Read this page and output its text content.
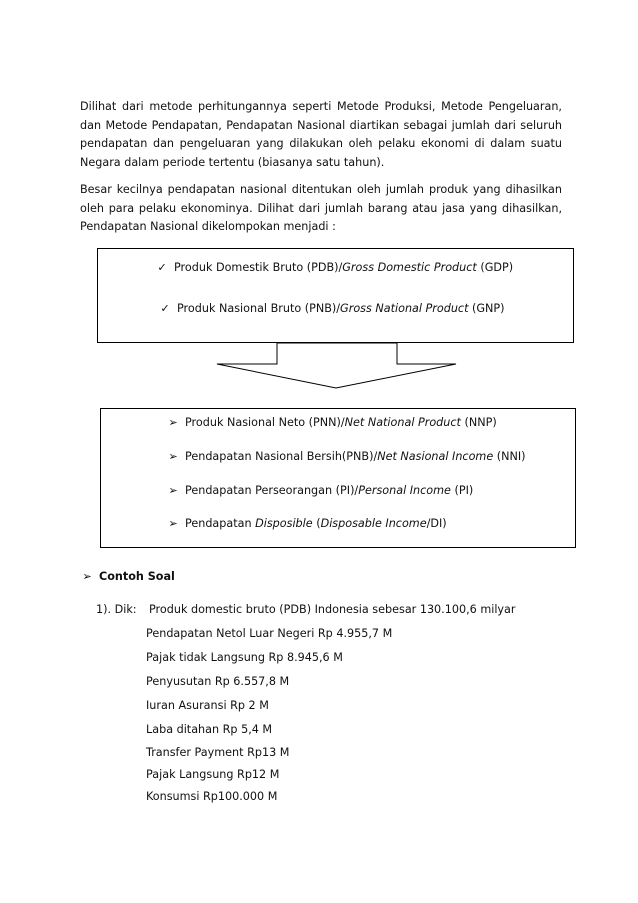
Dilihat dari metode perhitungannya seperti Metode Produksi, Metode Pengeluaran, dan Metode Pendapatan, Pendapatan Nasional diartikan sebagai jumlah dari seluruh pendapatan dan pengeluaran yang dilakukan oleh pelaku ekonomi di dalam suatu Negara dalam periode tertentu (biasanya satu tahun).

Besar kecilnya pendapatan nasional ditentukan oleh jumlah produk yang dihasilkan oleh para pelaku ekonominya. Dilihat dari jumlah barang atau jasa yang dihasilkan, Pendapatan Nasional dikelompokan menjadi :

✓ Produk Domestik Bruto (PDB)/Gross Domestic Product (GDP)
✓ Produk Nasional Bruto (PNB)/Gross National Product (GNP)
➢ Produk Nasional Neto (PNN)/Net National Product (NNP)
➢ Pendapatan Nasional Bersih(PNB)/Net Nasional Income (NNI)
➢ Pendapatan Perseorangan (PI)/Personal Income (PI)
➢ Pendapatan Disposible (Disposable Income/DI)
➢ Contoh Soal
1). Dik: Produk domestic bruto (PDB) Indonesia sebesar 130.100,6 milyar
Pendapatan Netol Luar Negeri Rp 4.955,7 M
Pajak tidak Langsung Rp 8.945,6 M
Penyusutan Rp 6.557,8 M
Iuran Asuransi Rp 2 M
Laba ditahan Rp 5,4 M
Transfer Payment Rp13 M
Pajak Langsung Rp12 M
Konsumsi Rp100.000 M
